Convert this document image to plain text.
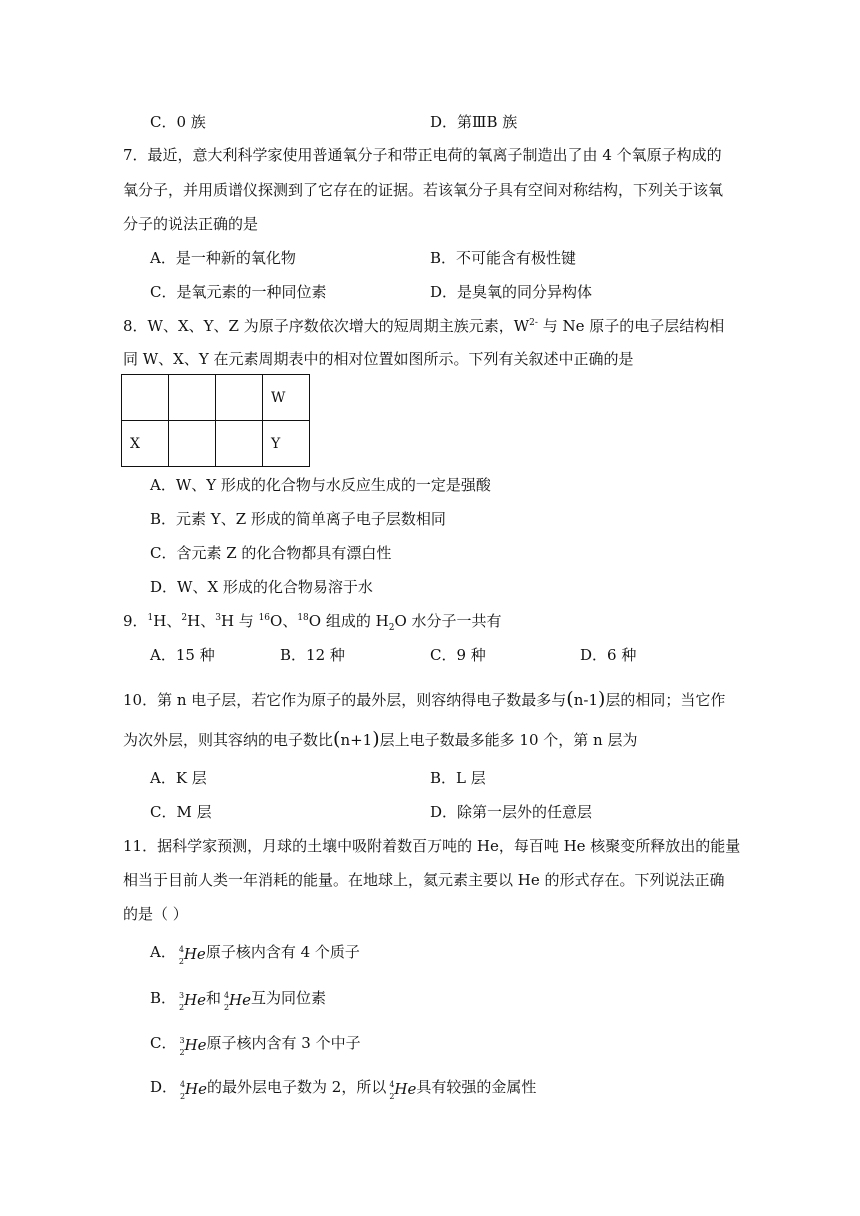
C．0 族	D．第ⅢB 族
7．最近，意大利科学家使用普通氧分子和带正电荷的氧离子制造出了由 4 个氧原子构成的
氧分子，并用质谱仪探测到了它存在的证据。若该氧分子具有空间对称结构，下列关于该氧
分子的说法正确的是
A．是一种新的氧化物	B．不可能含有极性键
C．是氧元素的一种同位素	D．是臭氧的同分异构体
8．W、X、Y、Z 为原子序数依次增大的短周期主族元素，$W^{2-}$ 与 Ne 原子的电子层结构相
同 W、X、Y 在元素周期表中的相对位置如图所示。下列有关叙述中正确的是
			W
X			Y
A．W、Y 形成的化合物与水反应生成的一定是强酸
B．元素 Y、Z 形成的简单离子电子层数相同
C．含元素 Z 的化合物都具有漂白性
D．W、X 形成的化合物易溶于水
9．$^1$H、$^2$H、$^3$H 与 $^{16}$O、$^{18}$O 组成的 $H_2O$ 水分子一共有
A．15 种	B．12 种	C．9 种	D．6 种
10．第 n 电子层，若它作为原子的最外层，则容纳得电子数最多与(n-1)层的相同；当它作
为次外层，则其容纳的电子数比(n+1)层上电子数最多能多 10 个，第 n 层为
A．K 层	B．L 层
C．M 层	D．除第一层外的任意层
11．据科学家预测，月球的土壤中吸附着数百万吨的 He，每百吨 He 核聚变所释放出的能量
相当于目前人类一年消耗的能量。在地球上，氦元素主要以 He 的形式存在。下列说法正确
的是（ ）
A． 4
2 He 原子核内含有 4 个质子
B． 3
2 He 和 4
2 He 互为同位素
C． 3
2 He 原子核内含有 3 个中子
D． 4
2 He 的最外层电子数为 2，所以 4
2 He 具有较强的金属性
